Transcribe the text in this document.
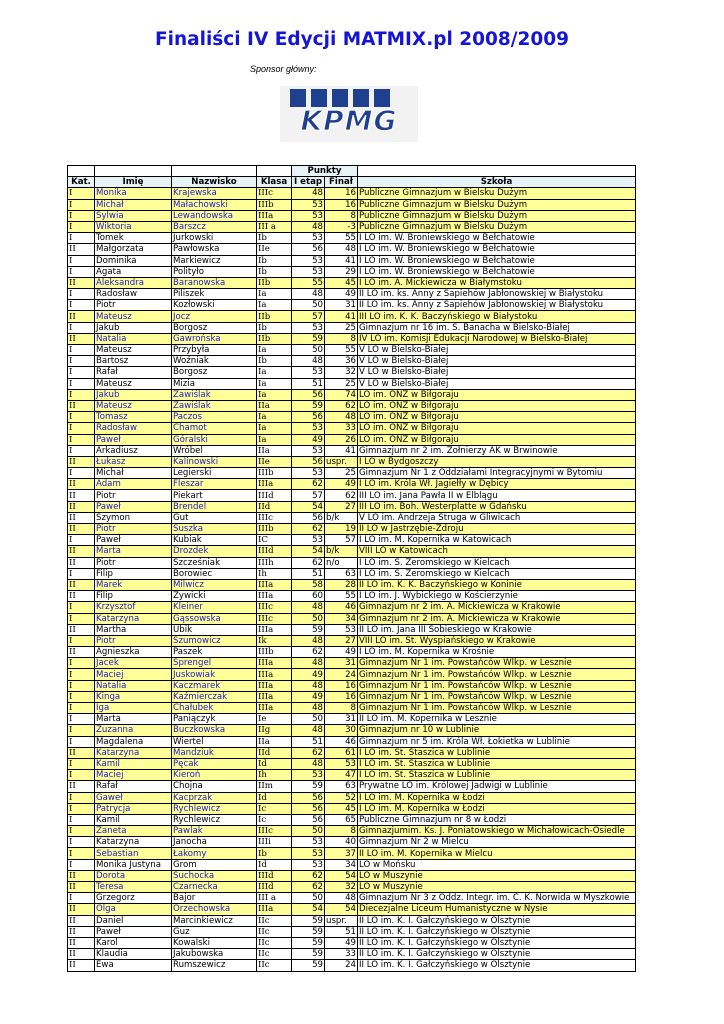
Finaliści IV Edycji MATMIX.pl 2008/2009
Sponsor główny:
KPMG
				Punkty		
Kat.	Imię	Nazwisko	Klasa	I etap	Finał	Szkoła
I	Monika	Krajewska	IIIc	48	16	Publiczne Gimnazjum w Bielsku Dużym
I	Michał	Małachowski	IIIb	53	16	Publiczne Gimnazjum w Bielsku Dużym
I	Sylwia	Lewandowska	IIIa	53	8	Publiczne Gimnazjum w Bielsku Dużym
I	Wiktoria	Barszcz	III a	48	-3	Publiczne Gimnazjum w Bielsku Dużym
I	Tomek	Jurkowski	Ib	53	55	I LO im. W. Broniewskiego w Bełchatowie
II	Małgorzata	Pawłowska	IIe	56	48	I LO im. W. Broniewskiego w Bełchatowie
I	Dominika	Markiewicz	Ib	53	41	I LO im. W. Broniewskiego w Bełchatowie
I	Agata	Polityło	Ib	53	29	I LO im. W. Broniewskiego w Bełchatowie
II	Aleksandra	Baranowska	IIb	55	45	I LO im. A. Mickiewicza w Białymstoku
I	Radosław	Piliszek	Ia	48	49	II LO im. ks. Anny z Sapiehów Jabłonowskiej w Białystoku
I	Piotr	Kozłowski	Ia	50	31	II LO im. ks. Anny z Sapiehów Jabłonowskiej w Białystoku
II	Mateusz	Jocz	IIb	57	41	III LO im. K. K. Baczyńskiego w Białystoku
I	Jakub	Borgosz	Ib	53	25	Gimnazjum nr 16 im. S. Banacha w Bielsko-Białej
II	Natalia	Gawrońska	IIb	59	8	IV LO im. Komisji Edukacji Narodowej w Bielsko-Białej
I	Mateusz	Przybyła	Ia	50	55	V LO w Bielsko-Białej
I	Bartosz	Woźniak	Ib	48	36	V LO w Bielsko-Białej
I	Rafał	Borgosz	Ia	53	32	V LO w Bielsko-Białej
I	Mateusz	Mizia	Ia	51	25	V LO w Bielsko-Białej
I	Jakub	Zawiślak	Ia	56	74	LO im. ONZ w Biłgoraju
II	Mateusz	Zawiślak	IIa	59	62	LO im. ONZ w Biłgoraju
I	Tomasz	Paczos	Ia	56	48	LO im. ONZ w Biłgoraju
I	Radosław	Chamot	Ia	53	33	LO im. ONZ w Biłgoraju
I	Paweł	Góralski	Ia	49	26	LO im. ONZ w Biłgoraju
I	Arkadiusz	Wróbel	IIa	53	41	Gimnazjum nr 2 im. Żołnierzy AK w Brwinowie
II	Łukasz	Kalinowski	IIe	56	uspr.	I LO w Bydgoszczy
I	Michał	Legierski	IIIb	53	25	Gimnazjum Nr 1 z Oddziałami Integracyjnymi w Bytomiu
II	Adam	Fleszar	IIIa	62	49	I LO im. Króla Wł. Jagiełły w Dębicy
II	Piotr	Piekart	IIId	57	62	III LO im. Jana Pawła II w Elblągu
II	Paweł	Brendel	IId	54	27	III LO im. Boh. Westerplatte w Gdańsku
II	Szymon	Gut	IIIc	56	b/k	V LO im. Andrzeja Struga w Gliwicach
II	Piotr	Suszka	IIIb	62	19	II LO w Jastrzębie-Zdroju
I	Paweł	Kubiak	IC	53	57	I LO im. M. Kopernika w Katowicach
II	Marta	Drozdek	IIId	54	b/k	VIII LO w Katowicach
II	Piotr	Szcześniak	IIIh	62	n/o	I LO im. S. Żeromskiego w Kielcach
I	Filip	Borowiec	Ih	51	63	I LO im. S. Żeromskiego w Kielcach
II	Marek	Milwicz	IIIa	58	28	II LO im. K. K. Baczyńskiego w Koninie
II	Filip	Żywicki	IIIa	60	55	I LO im. J. Wybickiego w Kościerzynie
I	Krzysztof	Kleiner	IIIc	48	46	Gimnazjum nr 2 im. A. Mickiewicza w Krakowie
I	Katarzyna	Gąssowska	IIIc	50	34	Gimnazjum nr 2 im. A. Mickiewicza w Krakowie
II	Martha	Ubik	IIIa	59	53	II LO im. Jana III Sobieskiego w Krakowie
I	Piotr	Szumowicz	Ik	48	27	VIII LO im. St. Wyspiańskiego w Krakowie
II	Agnieszka	Paszek	IIIb	62	49	I LO im. M. Kopernika w Krośnie
I	Jacek	Sprengel	IIIa	48	31	Gimnazjum Nr 1 im. Powstańców Wlkp. w Lesznie
I	Maciej	Juskowiak	IIIa	49	24	Gimnazjum Nr 1 im. Powstańców Wlkp. w Lesznie
I	Natalia	Kaczmarek	IIIa	48	16	Gimnazjum Nr 1 im. Powstańców Wlkp. w Lesznie
I	Kinga	Kaźmierczak	IIIa	49	16	Gimnazjum Nr 1 im. Powstańców Wlkp. w Lesznie
I	Iga	Chałubek	IIIa	48	8	Gimnazjum Nr 1 im. Powstańców Wlkp. w Lesznie
I	Marta	Paniączyk	Ie	50	31	II LO im. M. Kopernika w Lesznie
I	Zuzanna	Buczkowska	IIg	48	30	Gimnazjum nr 10 w Lublinie
I	Magdalena	Wiertel	IIa	51	46	Gimnazjum nr 5 im. Króla Wł. Łokietka w Lublinie
II	Katarzyna	Mandziuk	IId	62	61	I LO im. St. Staszica w Lublinie
I	Kamil	Pęcak	Id	48	53	I LO im. St. Staszica w Lublinie
I	Maciej	Kieroń	Ih	53	47	I LO im. St. Staszica w Lublinie
II	Rafał	Chojna	IIm	59	63	Prywatne LO im. Królowej Jadwigi w Lublinie
I	Gaweł	Kacprzak	Id	56	52	I LO im. M. Kopernika w Łodzi
I	Patrycja	Rychlewicz	Ic	56	45	I LO im. M. Kopernika w Łodzi
I	Kamil	Rychlewicz	Ic	56	65	Publiczne Gimnazjum nr 8 w Łodzi
I	Zaneta	Pawlak	IIIc	50	8	Gimnazjumim. Ks. J. Poniatowskiego w Michałowicach-Osiedle
I	Katarzyna	Janocha	IIIi	53	40	Gimnazjum Nr 2 w Mielcu
I	Sebastian	Łakomy	Ib	53	37	II LO im. M. Kopernika w Mielcu
I	Monika Justyna	Grom	Id	53	34	LO w Mońsku
II	Dorota	Suchocka	IIId	62	54	LO w Muszynie
II	Teresa	Czarnecka	IIId	62	32	LO w Muszynie
I	Grzegorz	Bajor	III a	50	48	Gimnazjum Nr 3 z Oddz. Integr. im. C. K. Norwida w Myszkowie
II	Olga	Orzechowska	IIIa	54	54	Diecezjalne Liceum Humanistyczne w Nysie
II	Daniel	Marcinkiewicz	IIc	59	uspr.	II LO im. K. I. Gałczyńskiego w Olsztynie
II	Paweł	Guz	IIc	59	51	II LO im. K. I. Gałczyńskiego w Olsztynie
II	Karol	Kowalski	IIc	59	49	II LO im. K. I. Gałczyńskiego w Olsztynie
II	Klaudia	Jakubowska	IIc	59	33	II LO im. K. I. Gałczyńskiego w Olsztynie
II	Ewa	Rumszewicz	IIc	59	24	II LO im. K. I. Gałczyńskiego w Olsztynie
